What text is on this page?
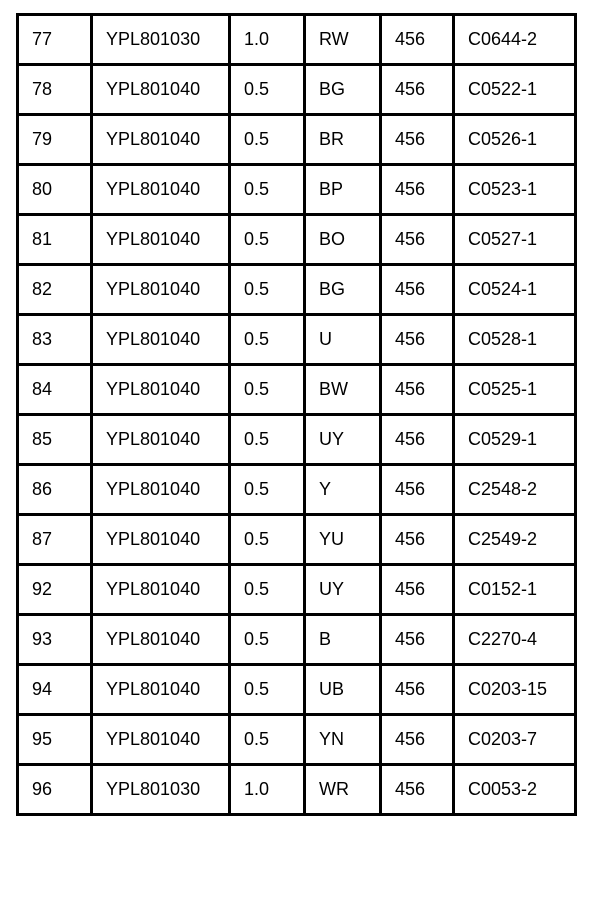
77	YPL801030	1.0	RW	456	C0644-2
78	YPL801040	0.5	BG	456	C0522-1
79	YPL801040	0.5	BR	456	C0526-1
80	YPL801040	0.5	BP	456	C0523-1
81	YPL801040	0.5	BO	456	C0527-1
82	YPL801040	0.5	BG	456	C0524-1
83	YPL801040	0.5	U	456	C0528-1
84	YPL801040	0.5	BW	456	C0525-1
85	YPL801040	0.5	UY	456	C0529-1
86	YPL801040	0.5	Y	456	C2548-2
87	YPL801040	0.5	YU	456	C2549-2
92	YPL801040	0.5	UY	456	C0152-1
93	YPL801040	0.5	B	456	C2270-4
94	YPL801040	0.5	UB	456	C0203-15
95	YPL801040	0.5	YN	456	C0203-7
96	YPL801030	1.0	WR	456	C0053-2
